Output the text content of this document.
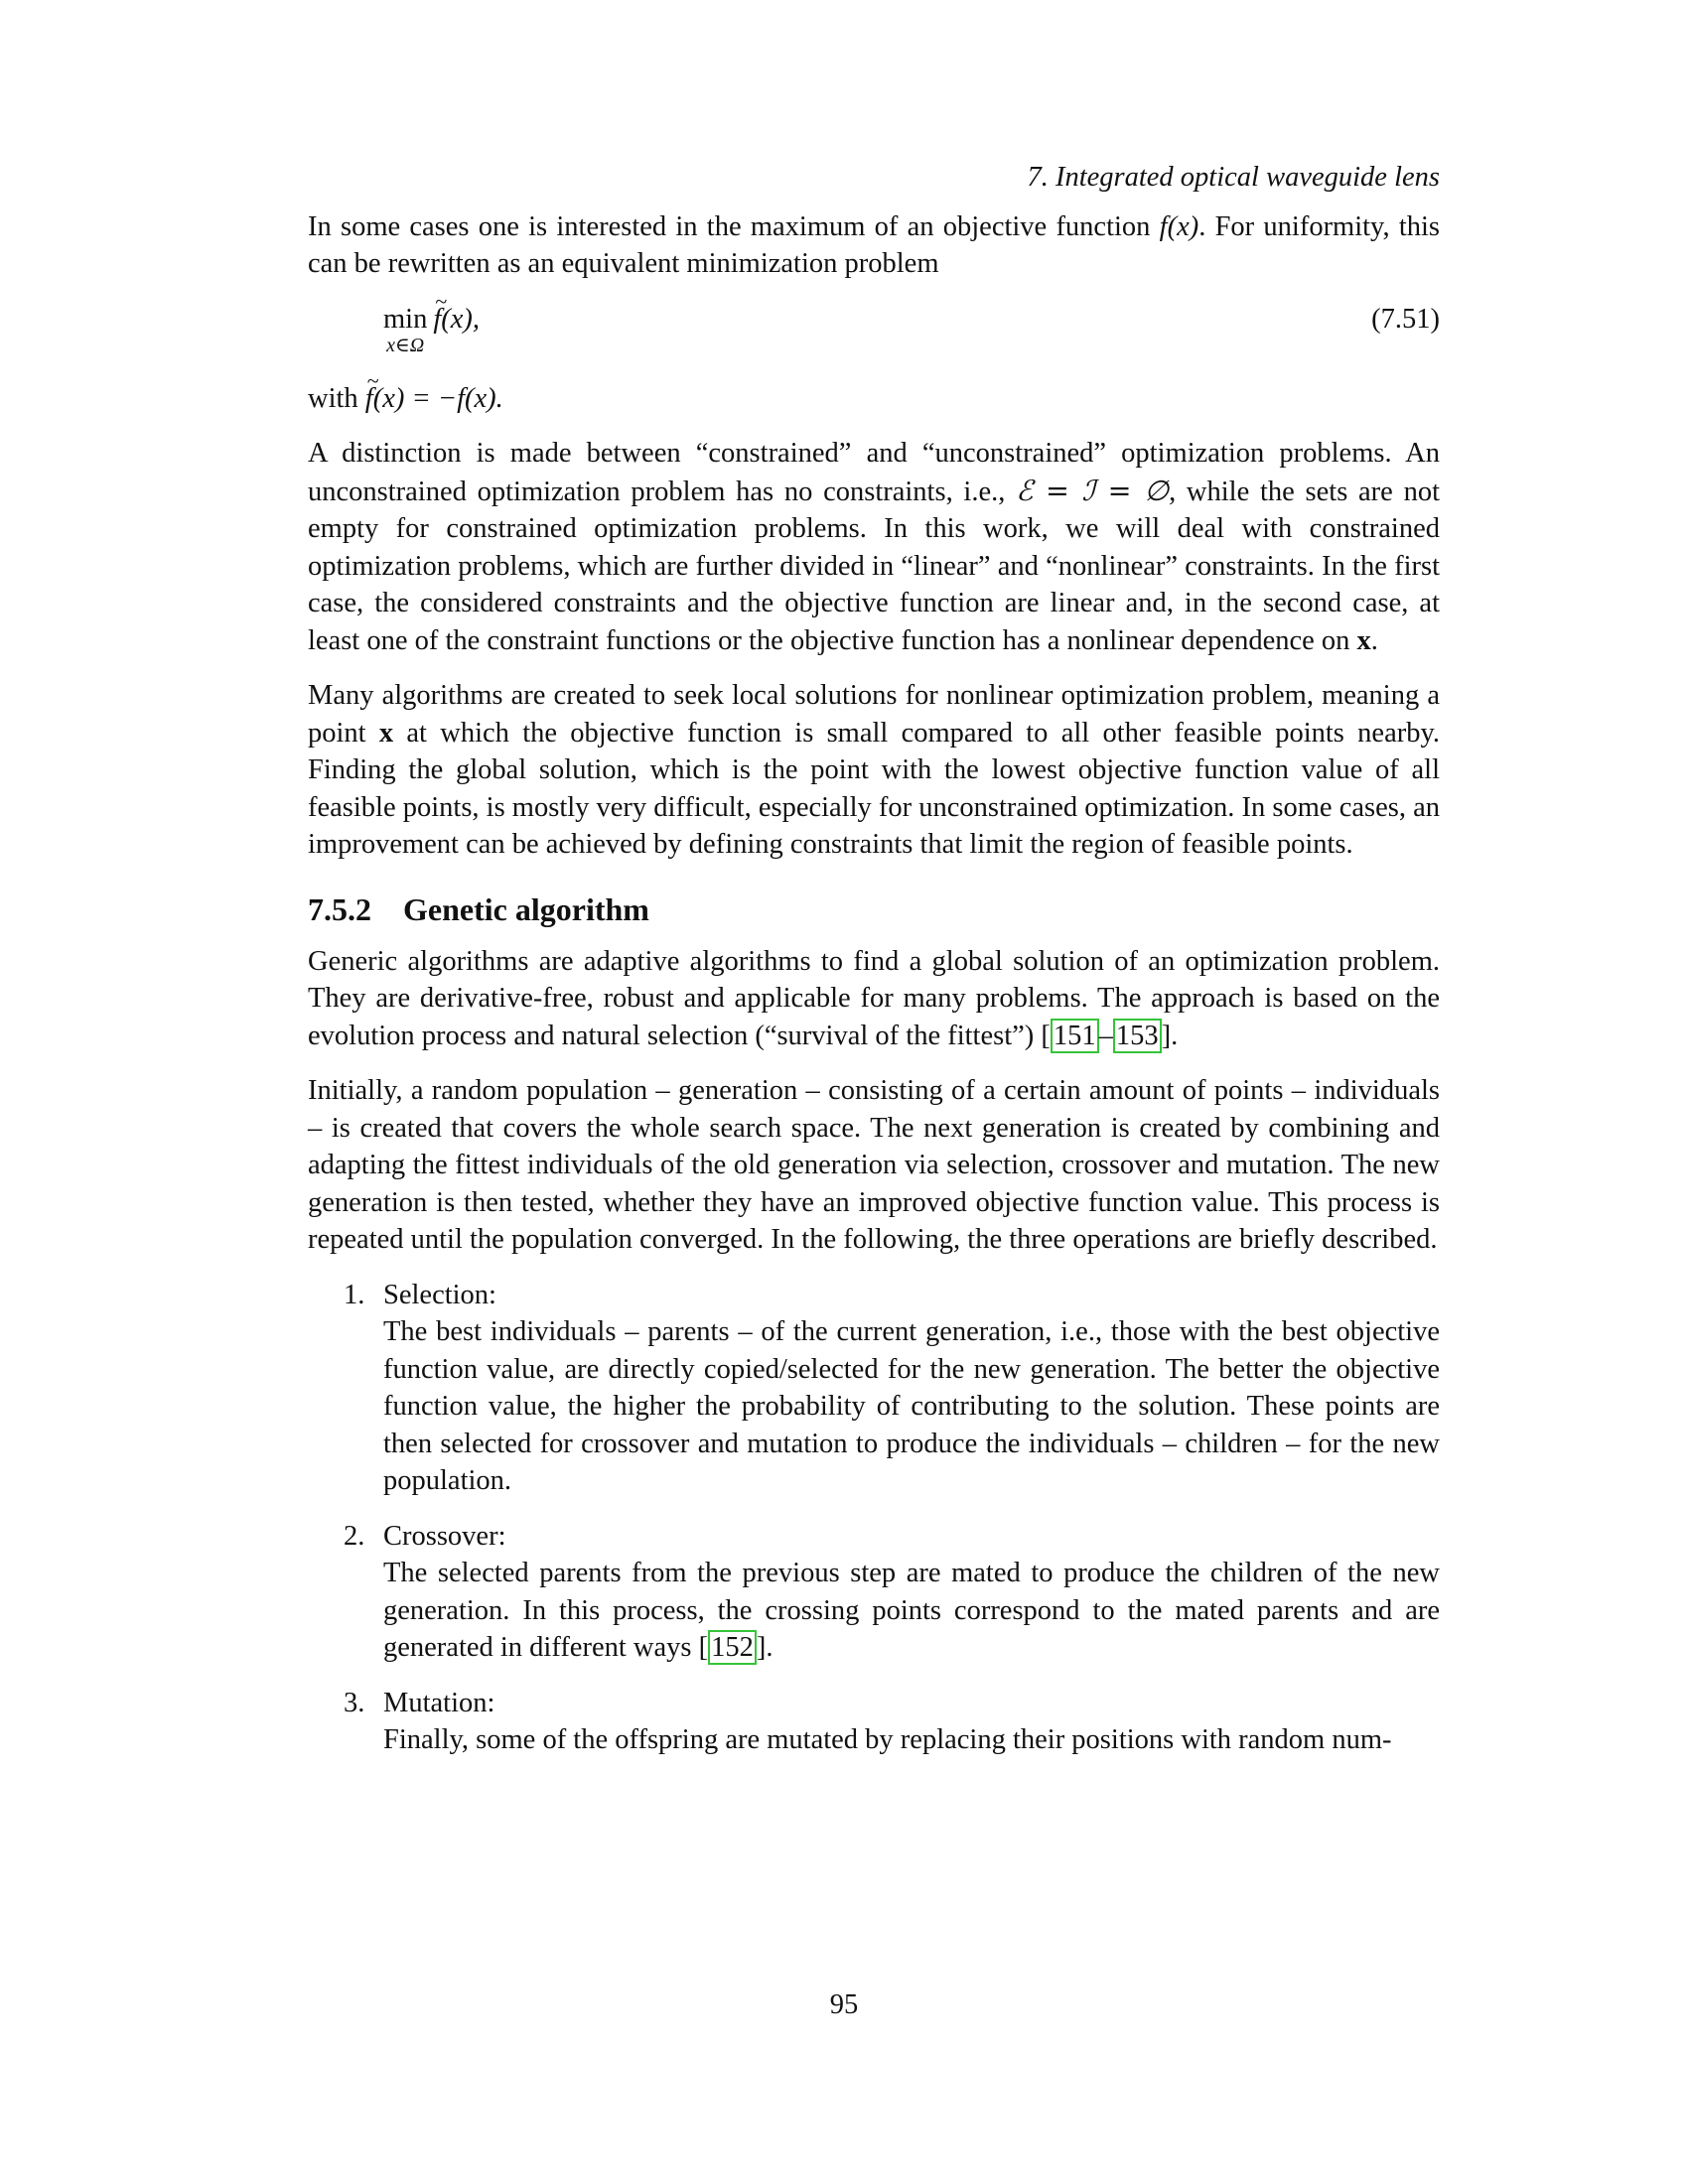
7. Integrated optical waveguide lens

In some cases one is interested in the maximum of an objective function f(x). For uniformity, this can be rewritten as an equivalent minimization problem

min
x∈Ω
~ f(x),	(7.51)

with ~ f(x) = −f(x).

A distinction is made between “constrained” and “unconstrained” optimization problems. An unconstrained optimization problem has no constraints, i.e., ℰ = ℐ = ∅, while the sets are not empty for constrained optimization problems. In this work, we will deal with constrained optimization problems, which are further divided in “linear” and “nonlinear” constraints. In the first case, the considered constraints and the objective function are linear and, in the second case, at least one of the constraint functions or the objective function has a nonlinear dependence on x.

Many algorithms are created to seek local solutions for nonlinear optimization problem, meaning a point x at which the objective function is small compared to all other feasible points nearby. Finding the global solution, which is the point with the lowest objective function value of all feasible points, is mostly very difficult, especially for unconstrained optimization. In some cases, an improvement can be achieved by defining constraints that limit the region of feasible points.

7.5.2 Genetic algorithm

Generic algorithms are adaptive algorithms to find a global solution of an optimization problem. They are derivative-free, robust and applicable for many problems. The approach is based on the evolution process and natural selection (“survival of the fittest”) [ 151 – 153 ].

Initially, a random population – generation – consisting of a certain amount of points – individuals – is created that covers the whole search space. The next generation is created by combining and adapting the fittest individuals of the old generation via selection, crossover and mutation. The new generation is then tested, whether they have an improved objective function value. This process is repeated until the population converged. In the following, the three operations are briefly described.

1. Selection:
The best individuals – parents – of the current generation, i.e., those with the best objective function value, are directly copied/selected for the new generation. The better the objective function value, the higher the probability of contributing to the solution. These points are then selected for crossover and mutation to produce the individuals – children – for the new population.
2. Crossover:
The selected parents from the previous step are mated to produce the children of the new generation. In this process, the crossing points correspond to the mated parents and are generated in different ways [ 152 ].
3. Mutation:
Finally, some of the offspring are mutated by replacing their positions with random num-
95
